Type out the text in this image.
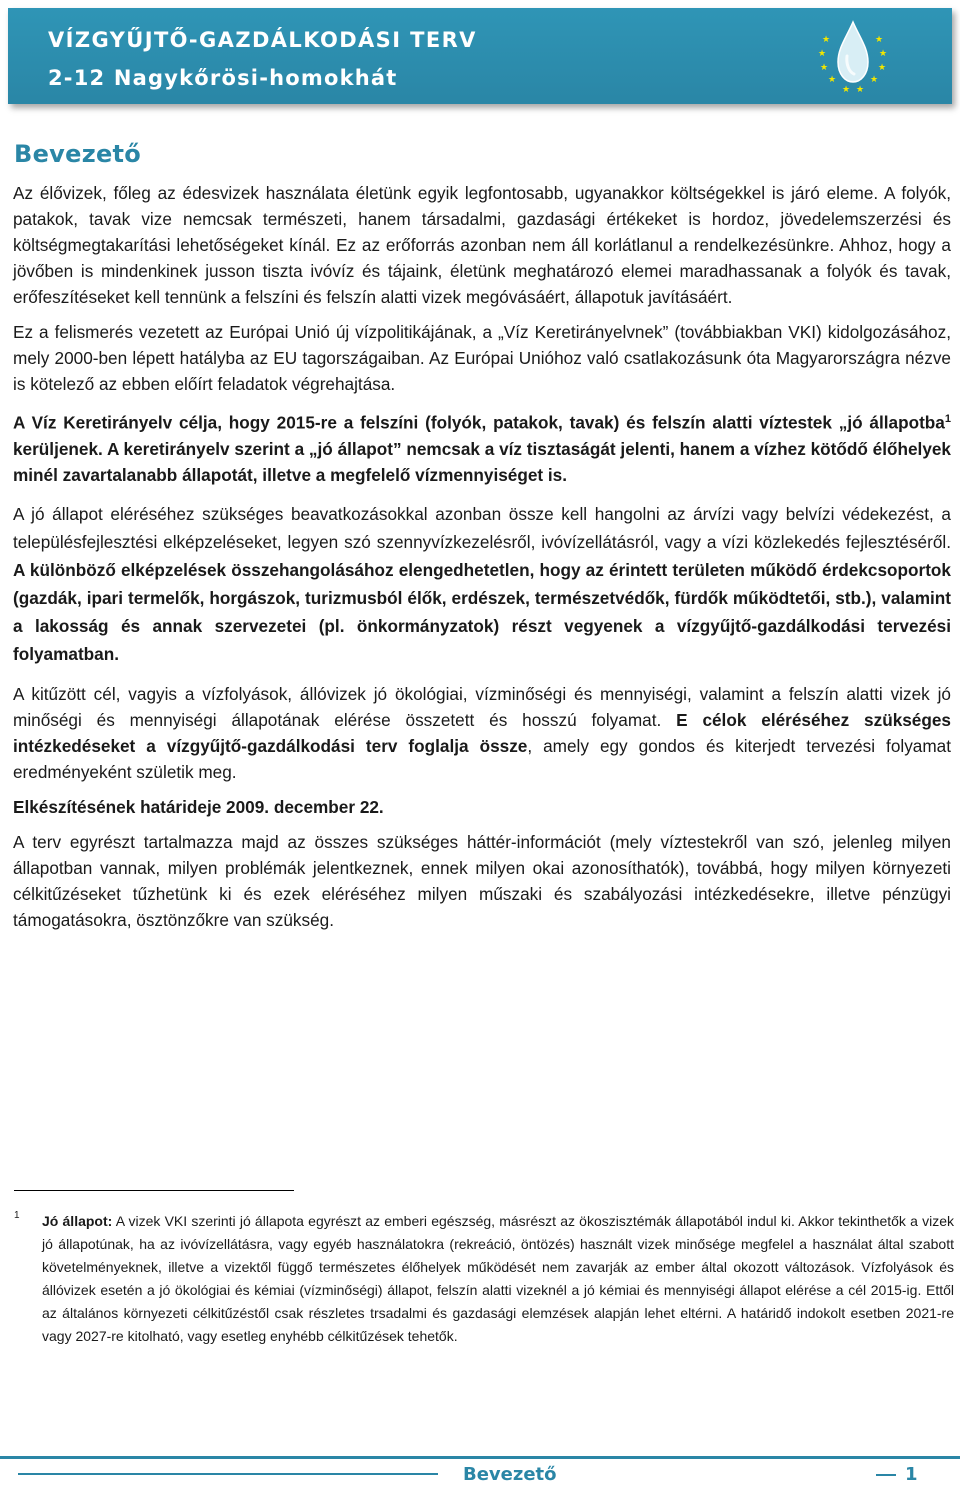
VÍZGYŰJTŐ-GAZDÁLKODÁSI TERV
2-12 Nagykőrösi-homokhát
★
★
★
★
★ ★
★
★
★
★
Bevezető

Az élővizek, főleg az édesvizek használata életünk egyik legfontosabb, ugyanakkor költségekkel is járó eleme. A folyók, patakok, tavak vize nemcsak természeti, hanem társadalmi, gazdasági értékeket is hordoz, jövedelemszerzési és költségmegtakarítási lehetőségeket kínál. Ez az erőforrás azonban nem áll korlátlanul a rendelkezésünkre. Ahhoz, hogy a jövőben is mindenkinek jusson tiszta ivóvíz és tájaink, életünk meghatározó elemei maradhassanak a folyók és tavak, erőfeszítéseket kell tennünk a felszíni és felszín alatti vizek megóvásáért, állapotuk javításáért.

Ez a felismerés vezetett az Európai Unió új vízpolitikájának, a „Víz Keretirányelvnek” (továbbiakban VKI) kidolgozásához, mely 2000-ben lépett hatályba az EU tagországaiban. Az Európai Unióhoz való csatlakozásunk óta Magyarországra nézve is kötelező az ebben előírt feladatok végrehajtása.

A Víz Keretirányelv célja, hogy 2015-re a felszíni (folyók, patakok, tavak) és felszín alatti víztestek „jó állapotba$^1$ kerüljenek. A keretirányelv szerint a „jó állapot” nemcsak a víz tisztaságát jelenti, hanem a vízhez kötődő élőhelyek minél zavartalanabb állapotát, illetve a megfelelő vízmennyiséget is.

A jó állapot eléréséhez szükséges beavatkozásokkal azonban össze kell hangolni az árvízi vagy belvízi védekezést, a településfejlesztési elképzeléseket, legyen szó szennyvízkezelésről, ivóvízellátásról, vagy a vízi közlekedés fejlesztéséről. A különböző elképzelések összehangolásához elengedhetetlen, hogy az érintett területen működő érdekcsoportok (gazdák, ipari termelők, horgászok, turizmusból élők, erdészek, természetvédők, fürdők működtetői, stb.), valamint a lakosság és annak szervezetei (pl. önkormányzatok) részt vegyenek a vízgyűjtő-gazdálkodási tervezési folyamatban.

A kitűzött cél, vagyis a vízfolyások, állóvizek jó ökológiai, vízminőségi és mennyiségi, valamint a felszín alatti vizek jó minőségi és mennyiségi állapotának elérése összetett és hosszú folyamat. E célok eléréséhez szükséges intézkedéseket a vízgyűjtő-gazdálkodási terv foglalja össze, amely egy gondos és kiterjedt tervezési folyamat eredményeként születik meg.

Elkészítésének határideje 2009. december 22.

A terv egyrészt tartalmazza majd az összes szükséges háttér-információt (mely víztestekről van szó, jelenleg milyen állapotban vannak, milyen problémák jelentkeznek, ennek milyen okai azonosíthatók), továbbá, hogy milyen környezeti célkitűzéseket tűzhetünk ki és ezek eléréséhez milyen műszaki és szabályozási intézkedésekre, illetve pénzügyi támogatásokra, ösztönzőkre van szükség.

1 Jó állapot: A vizek VKI szerinti jó állapota egyrészt az emberi egészség, másrészt az ökoszisztémák állapotából indul ki. Akkor tekinthetők a vizek jó állapotúnak, ha az ivóvízellátásra, vagy egyéb használatokra (rekreáció, öntözés) használt vizek minősége megfelel a használat által szabott követelményeknek, illetve a vizektől függő természetes élőhelyek működését nem zavarják az ember által okozott változások. Vízfolyások és állóvizek esetén a jó ökológiai és kémiai (vízminőségi) állapot, felszín alatti vizeknél a jó kémiai és mennyiségi állapot elérése a cél 2015-ig. Ettől az általános környezeti célkitűzéstől csak részletes trsadalmi és gazdasági elemzések alapján lehet eltérni. A határidő indokolt esetben 2021-re vagy 2027-re kitolható, vagy esetleg enyhébb célkitűzések tehetők.

Bevezető	1
